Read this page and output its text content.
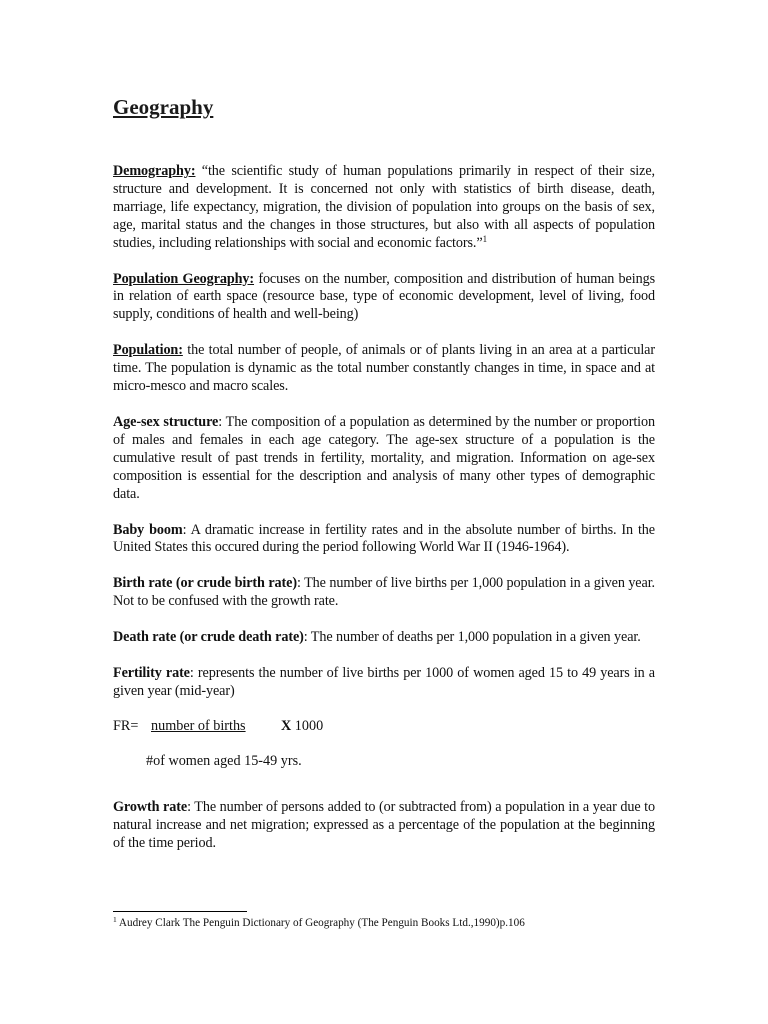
Geography

Demography: “the scientific study of human populations primarily in respect of their size, structure and development. It is concerned not only with statistics of birth disease, death, marriage, life expectancy, migration, the division of population into groups on the basis of sex, age, marital status and the changes in those structures, but also with all aspects of population studies, including relationships with social and economic factors.”$^1$

Population Geography: focuses on the number, composition and distribution of human beings in relation of earth space (resource base, type of economic development, level of living, food supply, conditions of health and well-being)

Population: the total number of people, of animals or of plants living in an area at a particular time. The population is dynamic as the total number constantly changes in time, in space and at micro-mesco and macro scales.

Age-sex structure: The composition of a population as determined by the number or proportion of males and females in each age category. The age-sex structure of a population is the cumulative result of past trends in fertility, mortality, and migration. Information on age-sex composition is essential for the description and analysis of many other types of demographic data.

Baby boom: A dramatic increase in fertility rates and in the absolute number of births. In the United States this occured during the period following World War II (1946-1964).

Birth rate (or crude birth rate): The number of live births per 1,000 population in a given year. Not to be confused with the growth rate.

Death rate (or crude death rate): The number of deaths per 1,000 population in a given year.

Fertility rate: represents the number of live births per 1000 of women aged 15 to 49 years in a given year (mid-year)

FR= number of births X 1000
#of women aged 15-49 yrs.

Growth rate: The number of persons added to (or subtracted from) a population in a year due to natural increase and net migration; expressed as a percentage of the population at the beginning of the time period.

$^1$ Audrey Clark The Penguin Dictionary of Geography (The Penguin Books Ltd.,1990)p.106
